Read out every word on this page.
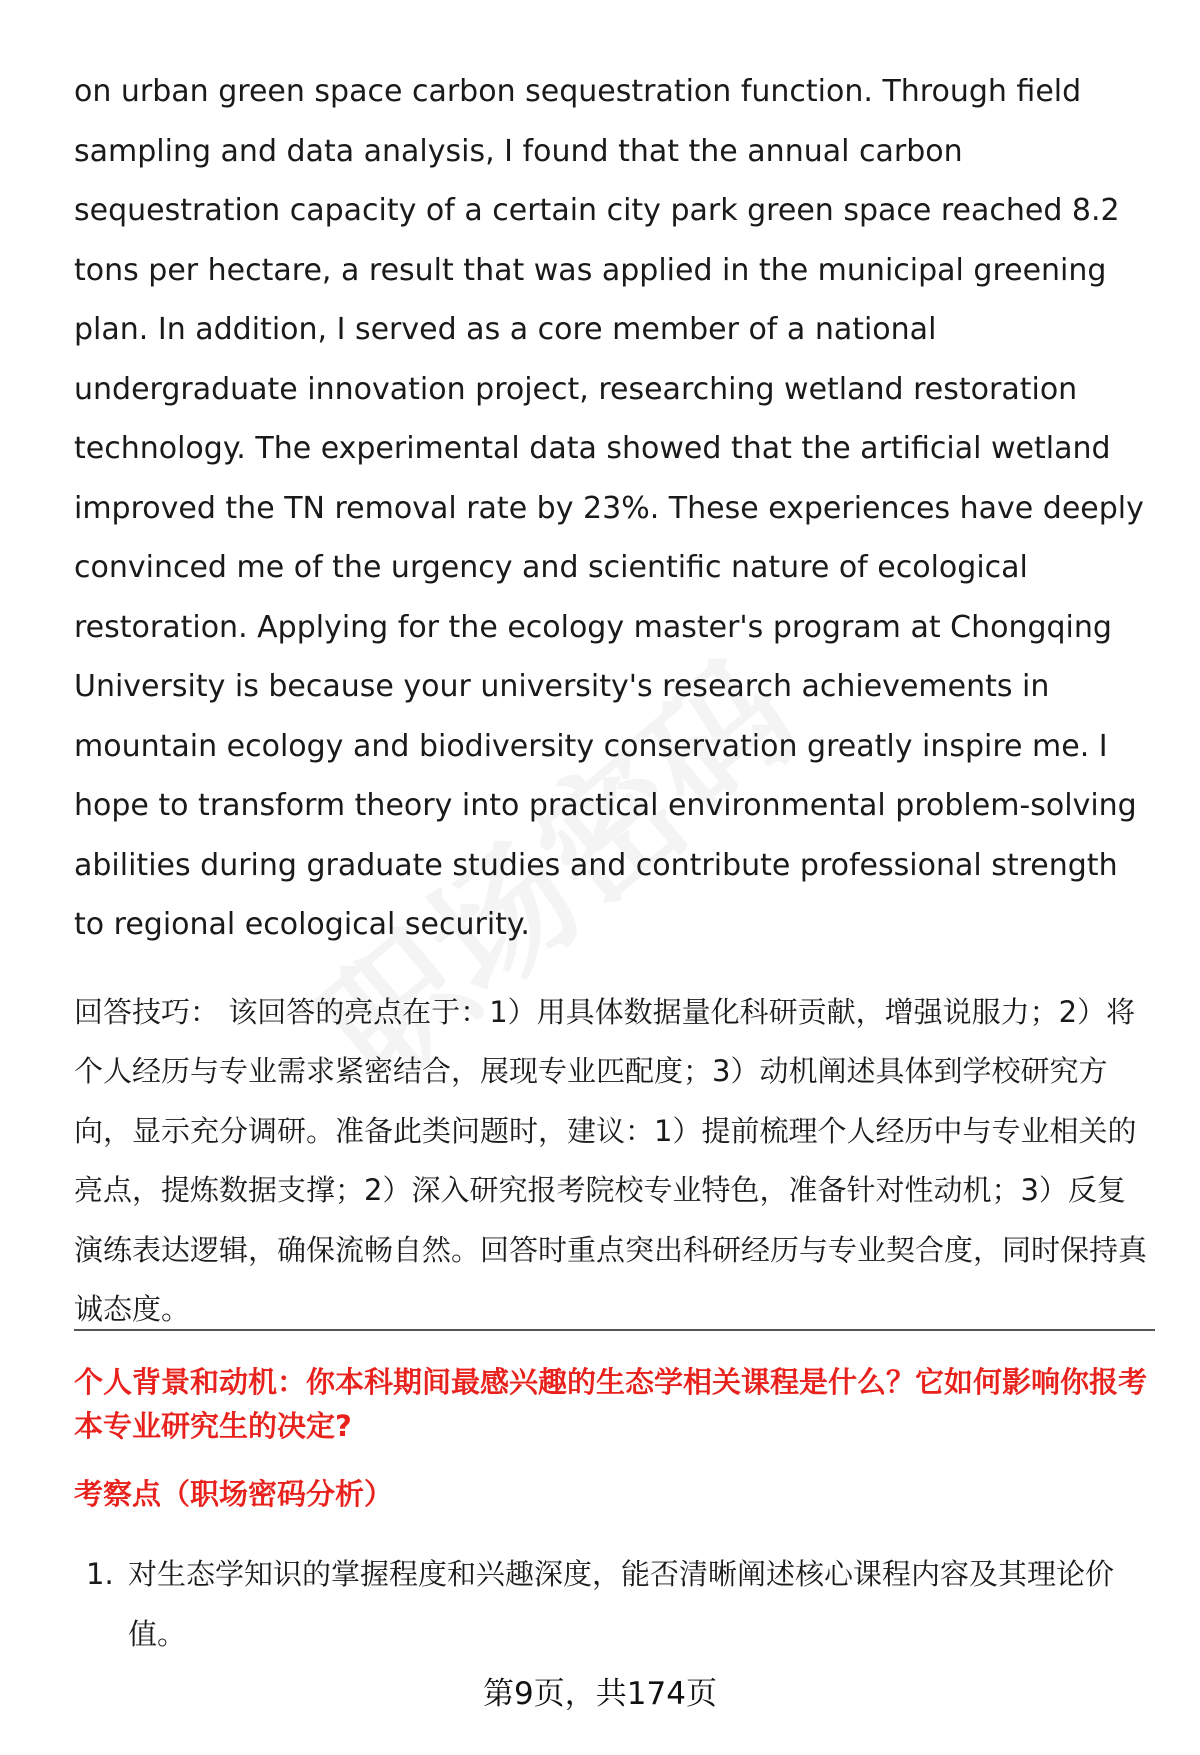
on urban green space carbon sequestration function. Through field sampling and data analysis, I found that the annual carbon sequestration capacity of a certain city park green space reached 8.2 tons per hectare, a result that was applied in the municipal greening plan. In addition, I served as a core member of a national undergraduate innovation project, researching wetland restoration technology. The experimental data showed that the artificial wetland improved the TN removal rate by 23%. These experiences have deeply convinced me of the urgency and scientific nature of ecological restoration. Applying for the ecology master's program at Chongqing University is because your university's research achievements in mountain ecology and biodiversity conservation greatly inspire me. I hope to transform theory into practical environmental problem-solving abilities during graduate studies and contribute professional strength to regional ecological security.

回答技巧： 该回答的亮点在于：1）用具体数据量化科研贡献，增强说服力；2）将个人经历与专业需求紧密结合，展现专业匹配度；3）动机阐述具体到学校研究方向，显示充分调研。准备此类问题时，建议：1）提前梳理个人经历中与专业相关的亮点，提炼数据支撑；2）深入研究报考院校专业特色，准备针对性动机；3）反复演练表达逻辑，确保流畅自然。回答时重点突出科研经历与专业契合度，同时保持真诚态度。

个人背景和动机：你本科期间最感兴趣的生态学相关课程是什么？它如何影响你报考本专业研究生的决定?

考察点（职场密码分析）

1. 对生态学知识的掌握程度和兴趣深度，能否清晰阐述核心课程内容及其理论价值。
第9页，共174页
